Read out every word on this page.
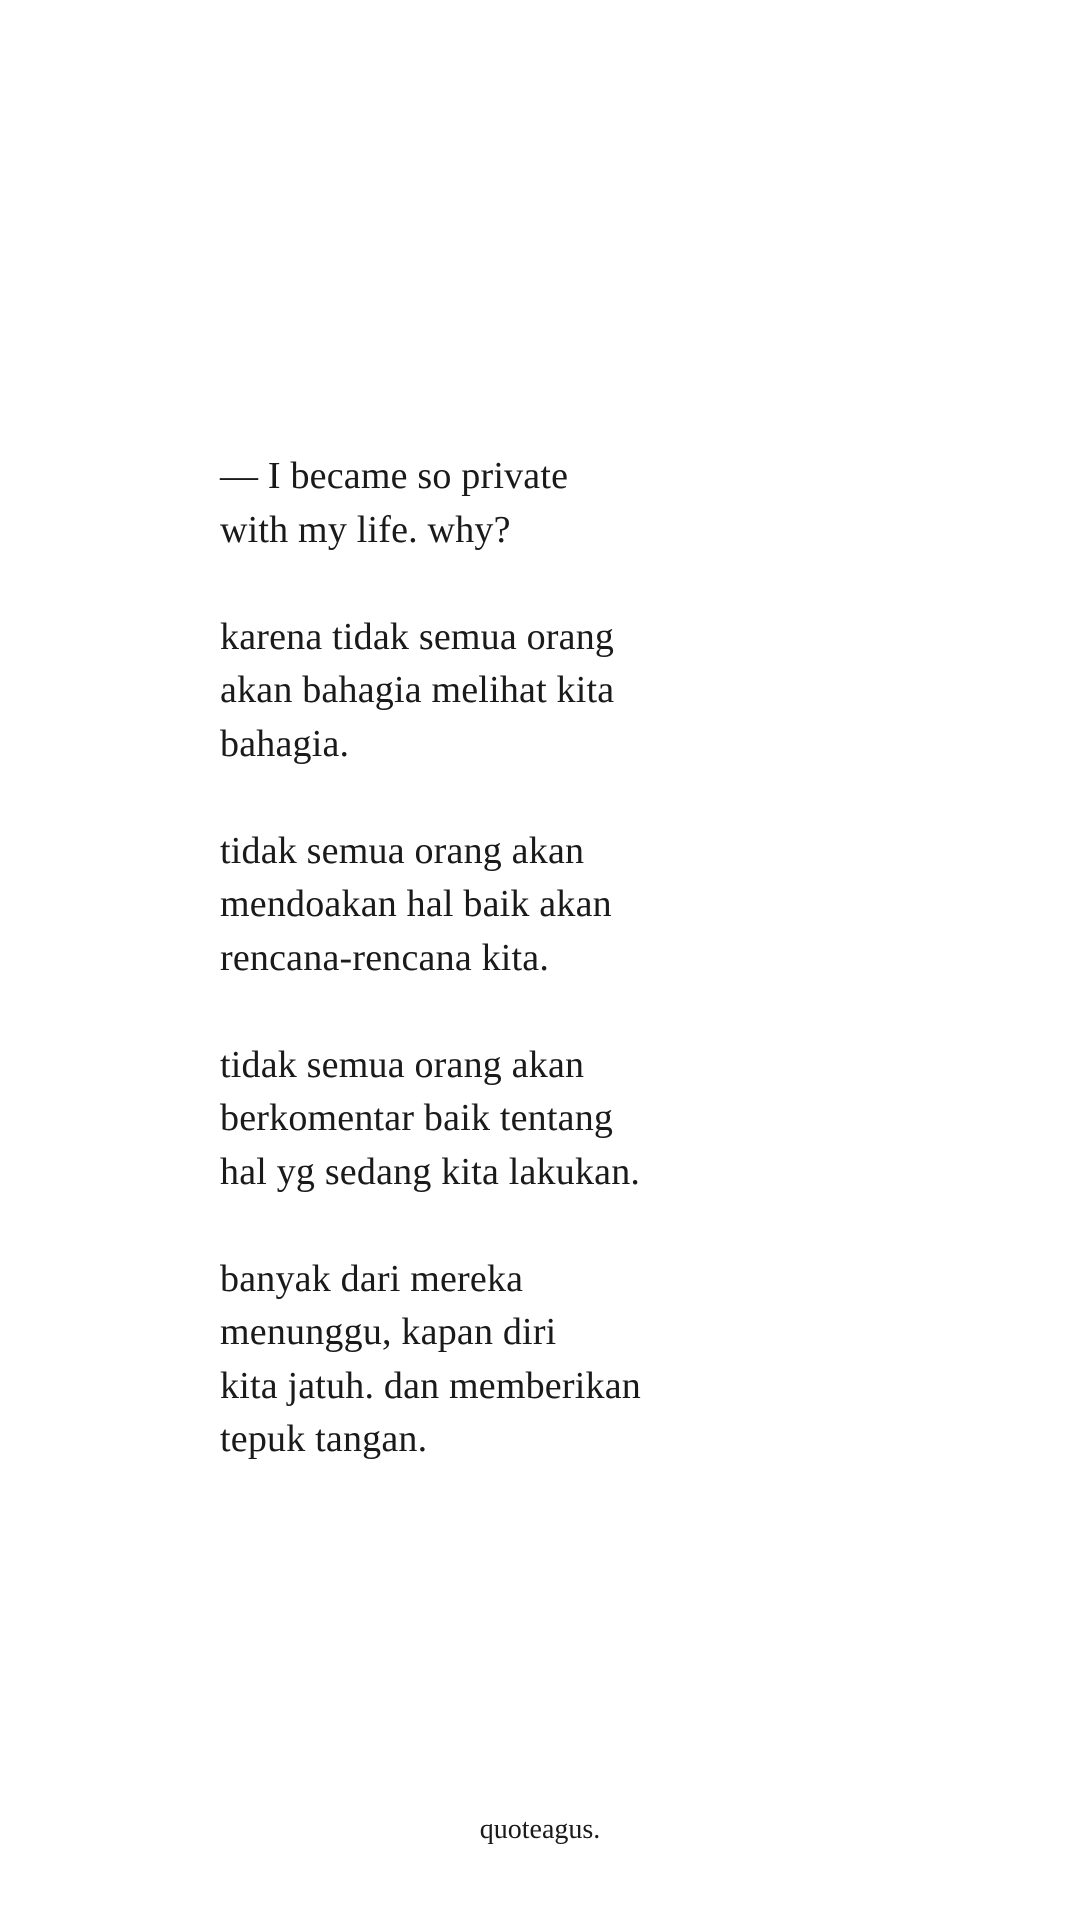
— I became so private
with my life. why?

karena tidak semua orang
akan bahagia melihat kita
bahagia.

tidak semua orang akan
mendoakan hal baik akan
rencana-rencana kita.

tidak semua orang akan
berkomentar baik tentang
hal yg sedang kita lakukan.

banyak dari mereka
menunggu, kapan diri
kita jatuh. dan memberikan
tepuk tangan.

quoteagus.
